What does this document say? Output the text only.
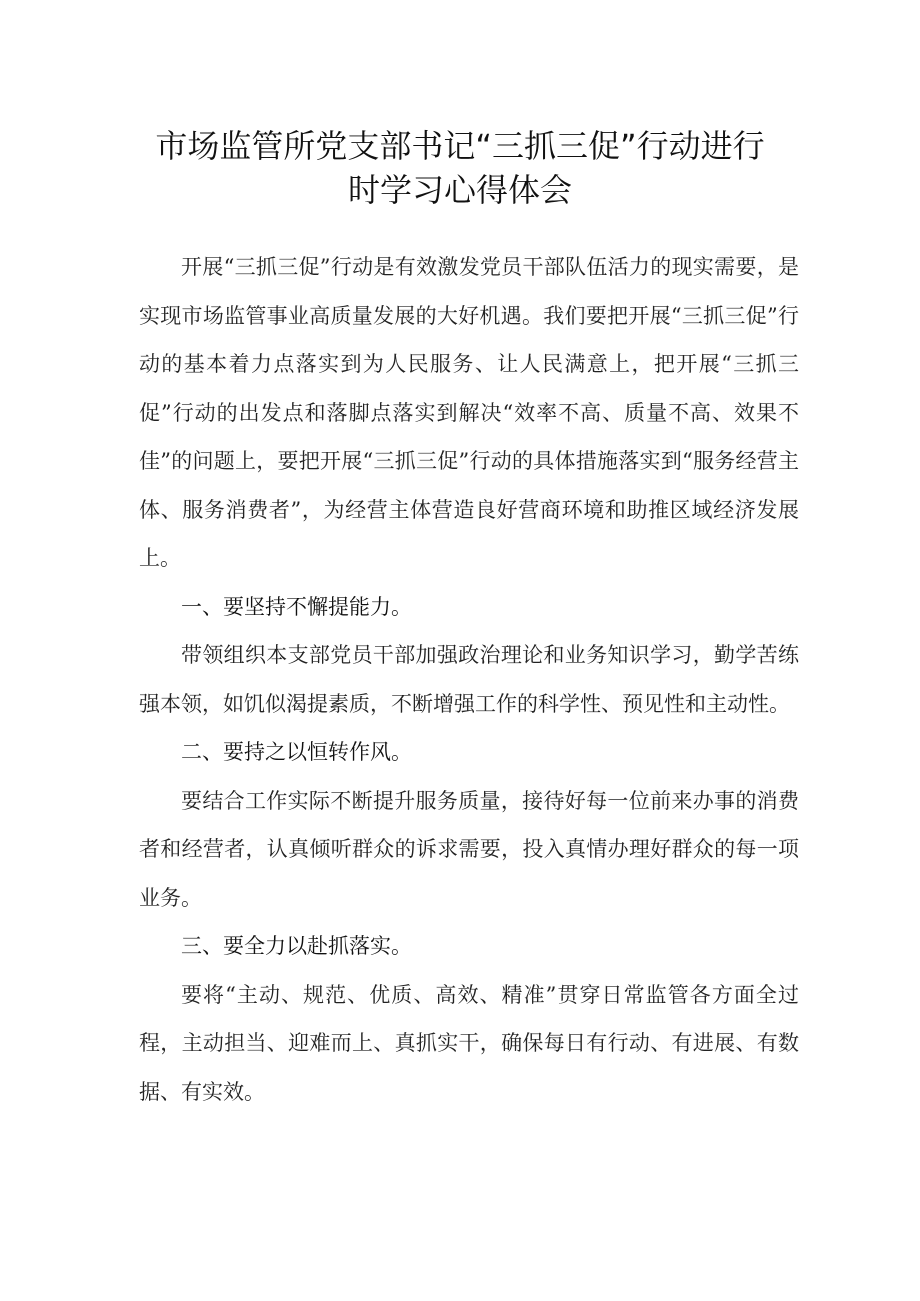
市场监管所党支部书记“三抓三促”行动进行
时学习心得体会

开展“三抓三促”行动是有效激发党员干部队伍活力的现实需要，是实现市场监管事业高质量发展的大好机遇。我们要把开展“三抓三促”行动的基本着力点落实到为人民服务、让人民满意上，把开展“三抓三促”行动的出发点和落脚点落实到解决“效率不高、质量不高、效果不佳”的问题上，要把开展“三抓三促”行动的具体措施落实到“服务经营主体、服务消费者”，为经营主体营造良好营商环境和助推区域经济发展上。

一、要坚持不懈提能力。

带领组织本支部党员干部加强政治理论和业务知识学习，勤学苦练强本领，如饥似渴提素质，不断增强工作的科学性、预见性和主动性。

二、要持之以恒转作风。

要结合工作实际不断提升服务质量，接待好每一位前来办事的消费者和经营者，认真倾听群众的诉求需要，投入真情办理好群众的每一项业务。

三、要全力以赴抓落实。

要将“主动、规范、优质、高效、精准”贯穿日常监管各方面全过程，主动担当、迎难而上、真抓实干，确保每日有行动、有进展、有数据、有实效。
